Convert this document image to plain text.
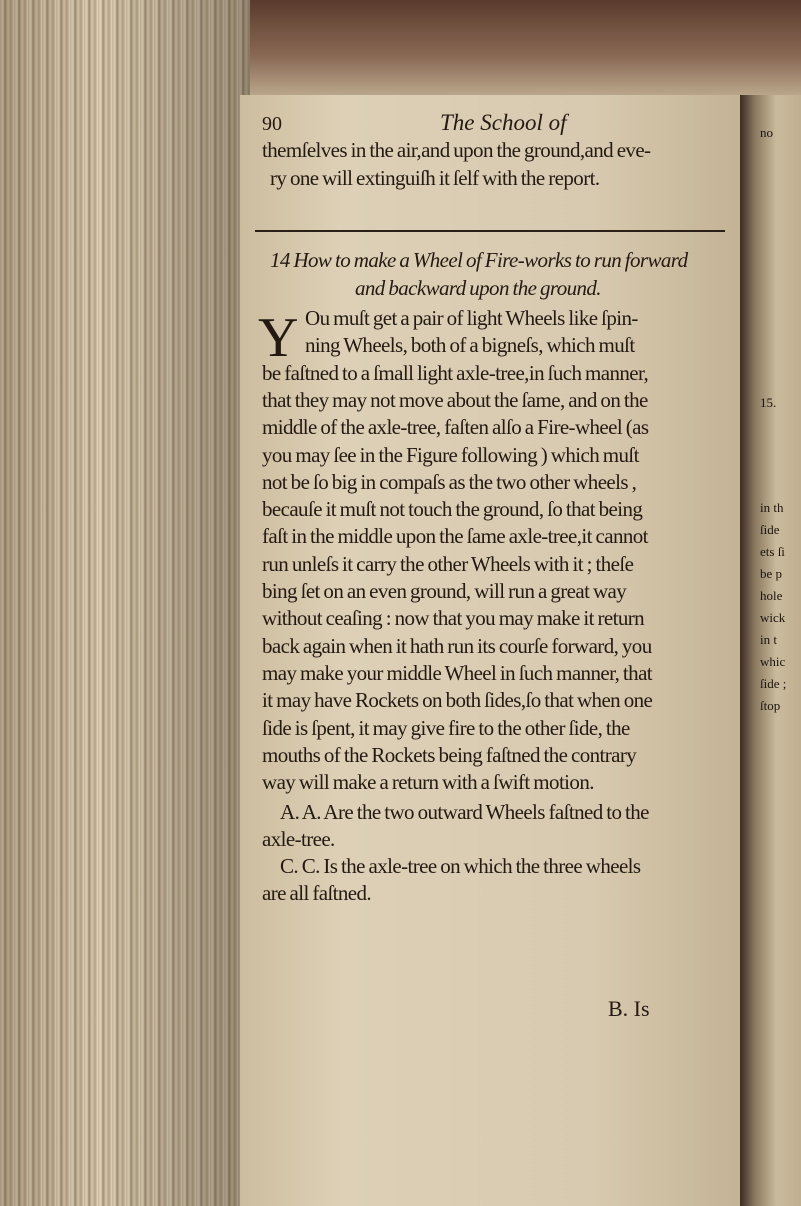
90	The School of
themſelves in the air,and upon the ground,and eve-
ry one will extinguiſh it ſelf with the report.
14 How to make a Wheel of Fire-works to run forward
and backward upon the ground.
Y Ou muſt get a pair of light Wheels like ſpin-
ning Wheels, both of a bigneſs, which muſt
be faſtned to a ſmall light axle-tree,in ſuch manner,
that they may not move about the ſame, and on the
middle of the axle-tree, faſten alſo a Fire-wheel (as
you may ſee in the Figure following ) which muſt
not be ſo big in compaſs as the two other wheels ,
becauſe it muſt not touch the ground, ſo that being
faſt in the middle upon the ſame axle-tree,it cannot
run unleſs it carry the other Wheels with it ; theſe
bing ſet on an even ground, will run a great way
without ceaſing : now that you may make it return
back again when it hath run its courſe forward, you
may make your middle Wheel in ſuch manner, that
it may have Rockets on both ſides,ſo that when one
ſide is ſpent, it may give fire to the other ſide, the
mouths of the Rockets being faſtned the contrary
way will make a return with a ſwift motion.
A. A. Are the two outward Wheels faſtned to the
axle-tree.
C. C. Is the axle-tree on which the three wheels
are all faſtned.
B. Is
no
15.
in th
ſide
ets ſi
be p
hole
wick
in t
whic
ſide ;
ſtop
